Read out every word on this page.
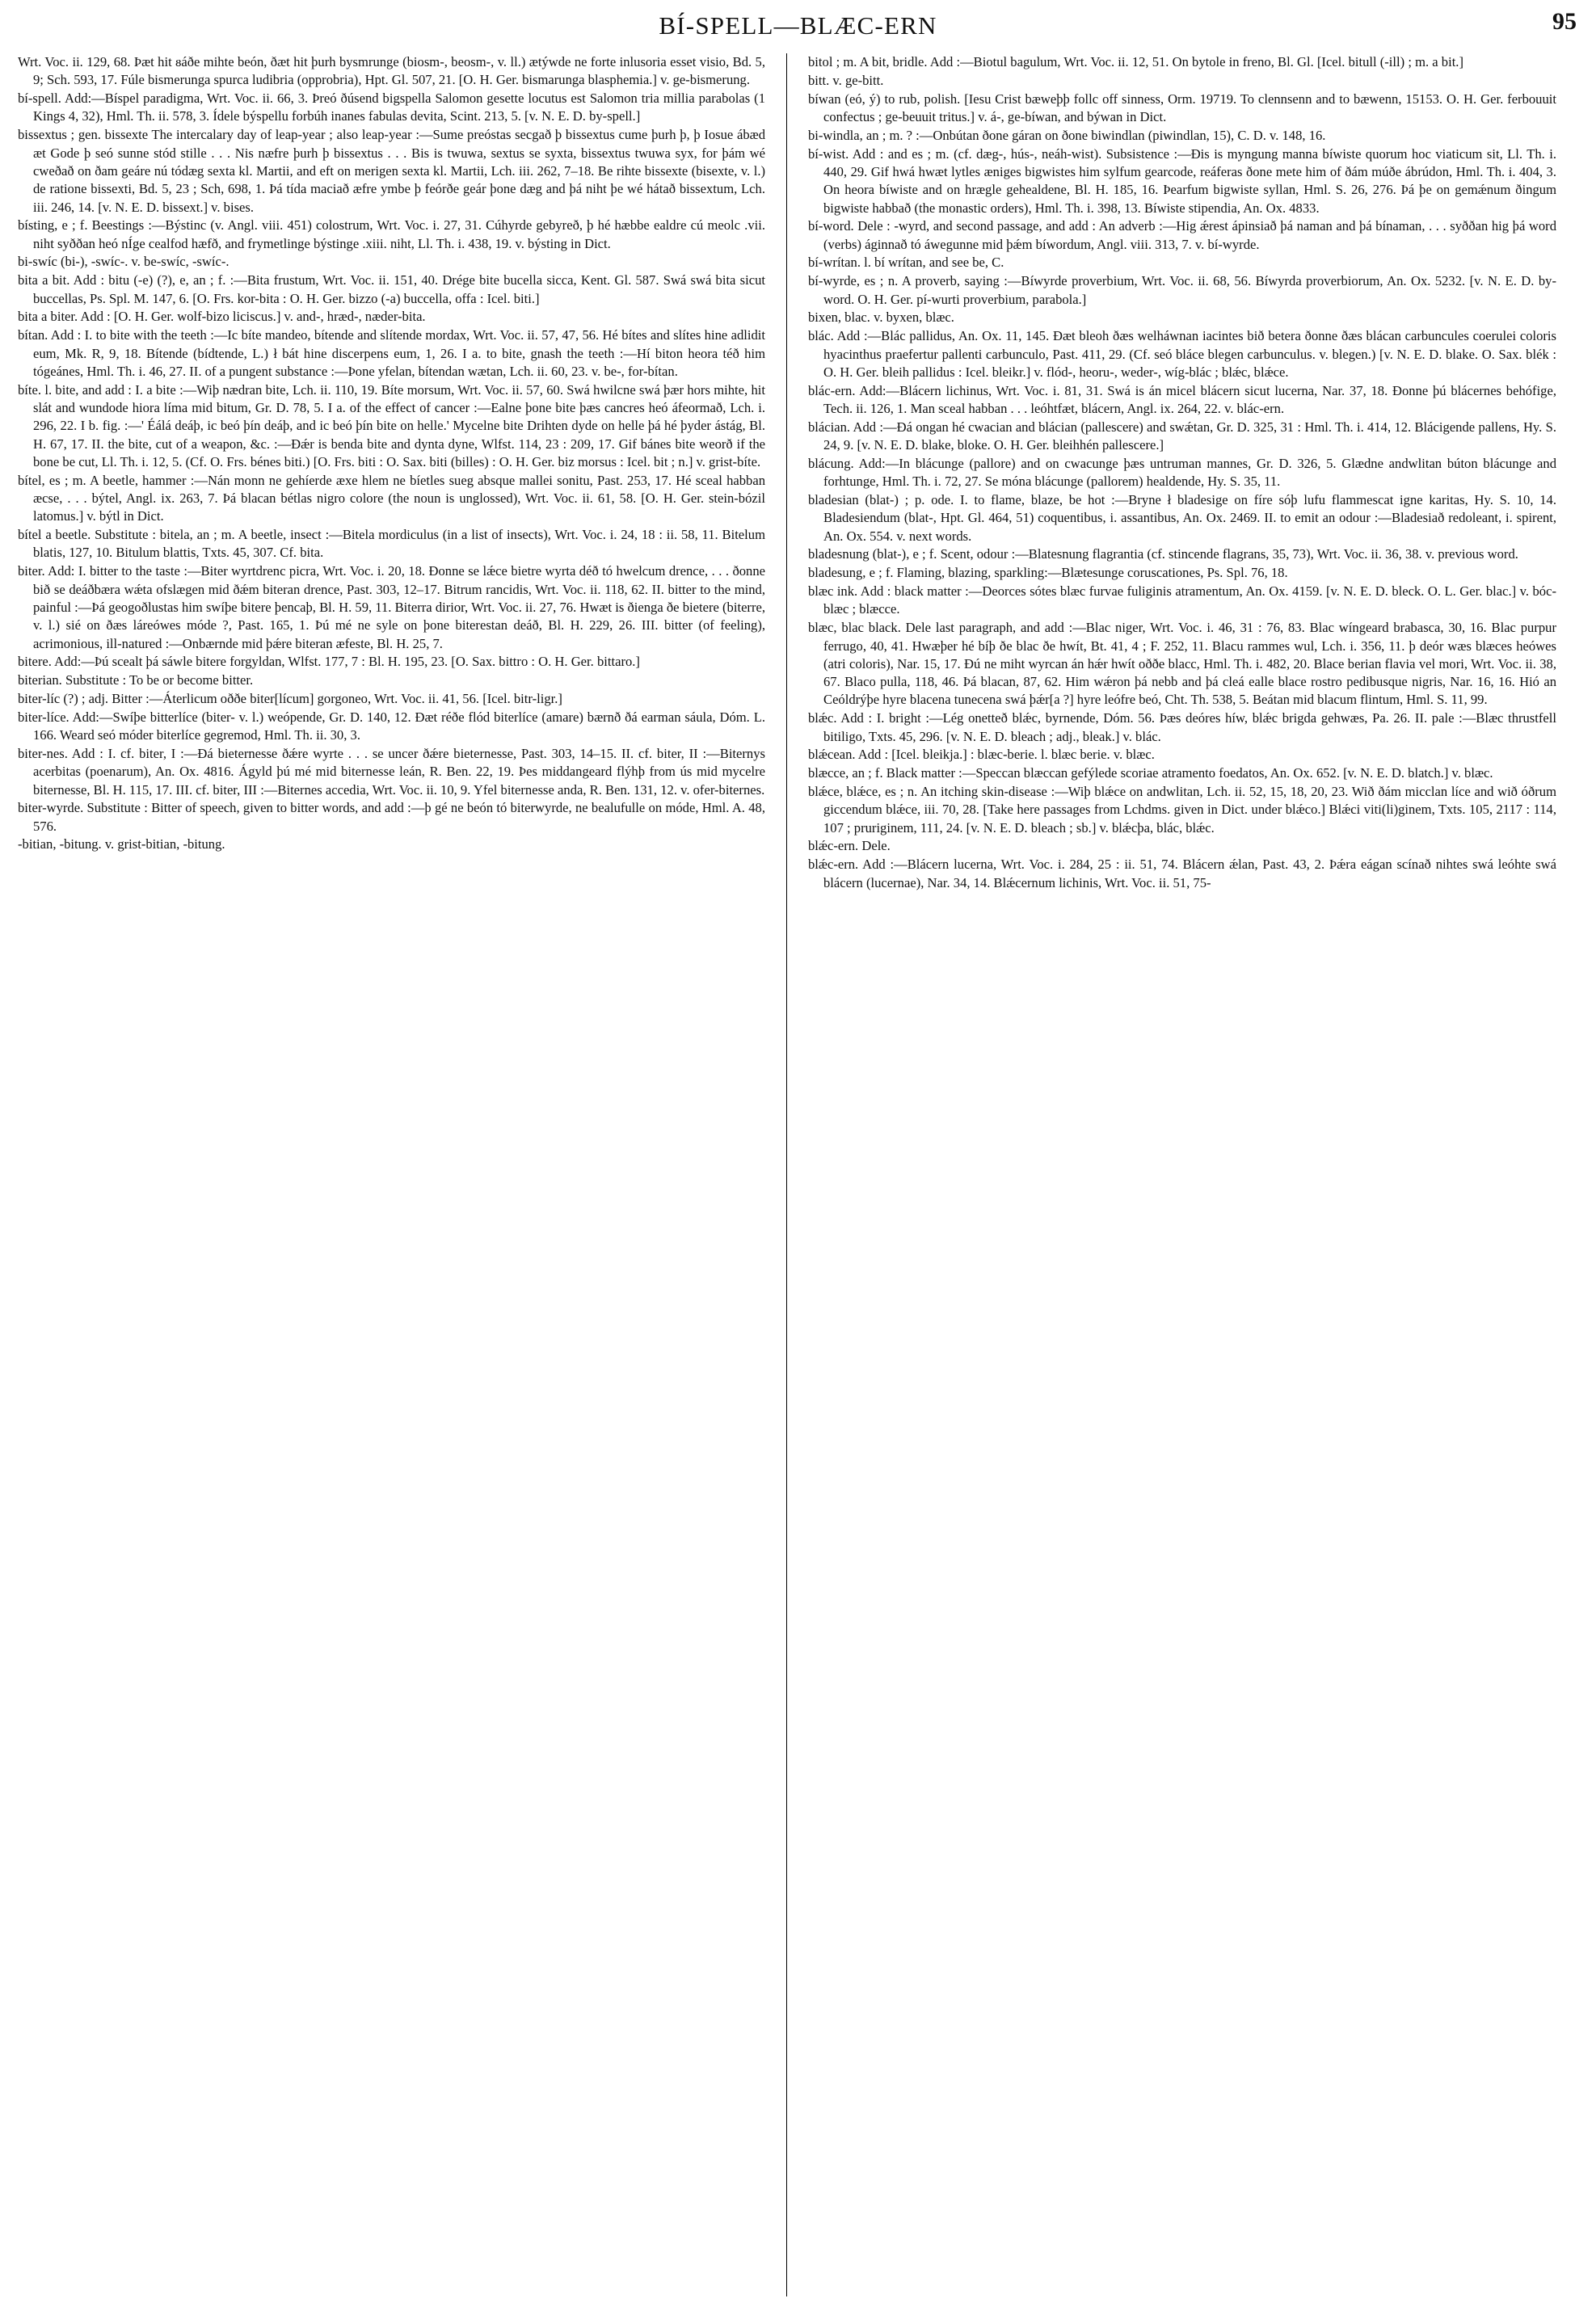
BÍ-SPELL—BLÆC-ERN	95

Wrt. Voc. ii. 129, 68. Þæt hit ᴕáðe mihte beón, ðæt hit þurh bysmrunge (biosm-, beosm-, v. ll.) ætýwde ne forte inlusoria esset visio, Bd. 5, 9; Sch. 593, 17. Fúle bismerunga spurca ludibria (opprobria), Hpt. Gl. 507, 21. [O. H. Ger. bismarunga blasphemia.] v. ge-bismerung.

bí-spell. Add:—Bíspel paradigma, Wrt. Voc. ii. 66, 3. Þreó ðúsend bigspella Salomon gesette locutus est Salomon tria millia parabolas (1 Kings 4, 32), Hml. Th. ii. 578, 3. Ídele býspellu forbúh inanes fabulas devita, Scint. 213, 5. [v. N. E. D. by-spell.]

bissextus ; gen. bissexte The intercalary day of leap-year ; also leap-year :—Sume preóstas secgað þ bissextus cume þurh þ, þ Iosue ábæd æt Gode þ seó sunne stód stille . . . Nis næfre þurh þ bissextus . . . Bis is twuwa, sextus se syxta, bissextus twuwa syx, for þám wé cweðað on ðam geáre nú tódæg sexta kl. Martii, and eft on merigen sexta kl. Martii, Lch. iii. 262, 7–18. Be rihte bissexte (bisexte, v. l.) de ratione bissexti, Bd. 5, 23 ; Sch, 698, 1. Þá tída maciað æfre ymbe þ feórðe geár þone dæg and þá niht þe wé hátað bissextum, Lch. iii. 246, 14. [v. N. E. D. bissext.] v. bises.

bísting, e ; f. Beestings :—Býstinc (v. Angl. viii. 451) colostrum, Wrt. Voc. i. 27, 31. Cúhyrde gebyreð, þ hé hæbbe ealdre cú meolc .vii. niht syððan heó nÍge cealfod hæfð, and frymetlinge býstinge .xiii. niht, Ll. Th. i. 438, 19. v. býsting in Dict.

bi-swíc (bi-), -swíc-. v. be-swíc, -swíc-.

bita a bit. Add : bitu (-e) (?), e, an ; f. :—Bita frustum, Wrt. Voc. ii. 151, 40. Drége bite bucella sicca, Kent. Gl. 587. Swá swá bita sicut buccellas, Ps. Spl. M. 147, 6. [O. Frs. kor-bita : O. H. Ger. bizzo (-a) buccella, offa : Icel. biti.]

bita a biter. Add : [O. H. Ger. wolf-bizo liciscus.] v. and-, hræd-, næder-bita.

bítan. Add : I. to bite with the teeth :—Ic bíte mandeo, bítende and slítende mordax, Wrt. Voc. ii. 57, 47, 56. Hé bítes and slítes hine adlidit eum, Mk. R, 9, 18. Bítende (bídtende, L.) ł bát hine discerpens eum, 1, 26. I a. to bite, gnash the teeth :—Hí biton heora téð him tógeánes, Hml. Th. i. 46, 27. II. of a pungent substance :—Þone yfelan, bítendan wætan, Lch. ii. 60, 23. v. be-, for-bítan.

bíte. l. bite, and add : I. a bite :—Wiþ nædran bite, Lch. ii. 110, 19. Bíte morsum, Wrt. Voc. ii. 57, 60. Swá hwilcne swá þær hors mihte, hit slát and wundode hiora líma mid bitum, Gr. D. 78, 5. I a. of the effect of cancer :—Ealne þone bite þæs cancres heó áfeormað, Lch. i. 296, 22. I b. fig. :—' Éálá deáþ, ic beó þín deáþ, and ic beó þín bite on helle.' Mycelne bite Drihten dyde on helle þá hé þyder ástág, Bl. H. 67, 17. II. the bite, cut of a weapon, &c. :—Ðǽr is benda bite and dynta dyne, Wlfst. 114, 23 : 209, 17. Gif bánes bite weorð if the bone be cut, Ll. Th. i. 12, 5. (Cf. O. Frs. bénes biti.) [O. Frs. biti : O. Sax. biti (billes) : O. H. Ger. biz morsus : Icel. bit ; n.] v. grist-bíte.

bítel, es ; m. A beetle, hammer :—Nán monn ne gehíerde æxe hlem ne bíetles sueg absque mallei sonitu, Past. 253, 17. Hé sceal habban æcse, . . . býtel, Angl. ix. 263, 7. Þá blacan bétlas nigro colore (the noun is unglossed), Wrt. Voc. ii. 61, 58. [O. H. Ger. stein-bózil latomus.] v. býtl in Dict.

bítel a beetle. Substitute : bitela, an ; m. A beetle, insect :—Bitela mordiculus (in a list of insects), Wrt. Voc. i. 24, 18 : ii. 58, 11. Bitelum blatis, 127, 10. Bitulum blattis, Txts. 45, 307. Cf. bita.

biter. Add: I. bitter to the taste :—Biter wyrtdrenc picra, Wrt. Voc. i. 20, 18. Ðonne se lǽce bietre wyrta déð tó hwelcum drence, . . . ðonne bið se deáðbæra wǽta ofslægen mid ðǽm biteran drence, Past. 303, 12–17. Bitrum rancidis, Wrt. Voc. ii. 118, 62. II. bitter to the mind, painful :—Þá geogoðlustas him swíþe bitere þencaþ, Bl. H. 59, 11. Biterra dirior, Wrt. Voc. ii. 27, 76. Hwæt is ðienga ðe bietere (biterre, v. l.) sié on ðæs láreówes móde ?, Past. 165, 1. Þú mé ne syle on þone biterestan deáð, Bl. H. 229, 26. III. bitter (of feeling), acrimonious, ill-natured :—Onbærnde mid þǽre biteran æfeste, Bl. H. 25, 7.

bitere. Add:—Þú scealt þá sáwle bitere forgyldan, Wlfst. 177, 7 : Bl. H. 195, 23. [O. Sax. bittro : O. H. Ger. bittaro.]

biterian. Substitute : To be or become bitter.

biter-líc (?) ; adj. Bitter :—Áterlicum oððe biter[lícum] gorgoneo, Wrt. Voc. ii. 41, 56. [Icel. bitr-ligr.]

biter-líce. Add:—Swíþe bitterlíce (biter- v. l.) weópende, Gr. D. 140, 12. Ðæt réðe flód biterlíce (amare) bærnð ðá earman sáula, Dóm. L. 166. Weard seó móder biterlíce gegremod, Hml. Th. ii. 30, 3.

biter-nes. Add : I. cf. biter, I :—Ðá bieternesse ðǽre wyrte . . . se uncer ðǽre bieternesse, Past. 303, 14–15. II. cf. biter, II :—Biternys acerbitas (poenarum), An. Ox. 4816. Ágyld þú mé mid biternesse leán, R. Ben. 22, 19. Þes middangeard flýhþ from ús mid mycelre biternesse, Bl. H. 115, 17. III. cf. biter, III :—Biternes accedia, Wrt. Voc. ii. 10, 9. Yfel biternesse anda, R. Ben. 131, 12. v. ofer-biternes.

biter-wyrde. Substitute : Bitter of speech, given to bitter words, and add :—þ gé ne beón tó biterwyrde, ne bealufulle on móde, Hml. A. 48, 576.

-bitian, -bitung. v. grist-bitian, -bitung.

bitol ; m. A bit, bridle. Add :—Biotul bagulum, Wrt. Voc. ii. 12, 51. On bytole in freno, Bl. Gl. [Icel. bitull (-ill) ; m. a bit.]

bitt. v. ge-bitt.

bíwan (eó, ý) to rub, polish. [Iesu Crist bæweþþ follc off sinness, Orm. 19719. To clennsenn and to bæwenn, 15153. O. H. Ger. ferbouuit confectus ; ge-beuuit tritus.] v. á-, ge-bíwan, and býwan in Dict.

bi-windla, an ; m. ? :—Onbútan ðone gáran on ðone biwindlan (piwindlan, 15), C. D. v. 148, 16.

bí-wist. Add : and es ; m. (cf. dæg-, hús-, neáh-wist). Subsistence :—Ðis is myngung manna bíwiste quorum hoc viaticum sit, Ll. Th. i. 440, 29. Gif hwá hwæt lytles æniges bigwistes him sylfum gearcode, reáferas ðone mete him of ðám múðe ábrúdon, Hml. Th. i. 404, 3. On heora bíwiste and on hrægle gehealdene, Bl. H. 185, 16. Þearfum bigwiste syllan, Hml. S. 26, 276. Þá þe on gemǽnum ðingum bigwiste habbað (the monastic orders), Hml. Th. i. 398, 13. Bíwiste stipendia, An. Ox. 4833.

bí-word. Dele : -wyrd, and second passage, and add : An adverb :—Hig ǽrest ápinsiað þá naman and þá bínaman, . . . syððan hig þá word (verbs) áginnað tó áwegunne mid þǽm bíwordum, Angl. viii. 313, 7. v. bí-wyrde.

bí-wrítan. l. bí wrítan, and see be, C.

bí-wyrde, es ; n. A proverb, saying :—Bíwyrde proverbium, Wrt. Voc. ii. 68, 56. Bíwyrda proverbiorum, An. Ox. 5232. [v. N. E. D. by-word. O. H. Ger. pí-wurti proverbium, parabola.]

bixen, blac. v. byxen, blæc.

blác. Add :—Blác pallidus, An. Ox. 11, 145. Ðæt bleoh ðæs welháwnan iacintes bið betera ðonne ðæs blácan carbuncules coerulei coloris hyacinthus praefertur pallenti carbunculo, Past. 411, 29. (Cf. seó bláce blegen carbunculus. v. blegen.) [v. N. E. D. blake. O. Sax. blék : O. H. Ger. bleih pallidus : Icel. bleikr.] v. flód-, heoru-, weder-, wíg-blác ; blǽc, blǽce.

blác-ern. Add:—Blácern lichinus, Wrt. Voc. i. 81, 31. Swá is án micel blácern sicut lucerna, Nar. 37, 18. Ðonne þú blácernes behófige, Tech. ii. 126, 1. Man sceal habban . . . leóhtfæt, blácern, Angl. ix. 264, 22. v. blác-ern.

blácian. Add :—Ðá ongan hé cwacian and blácian (pallescere) and swǽtan, Gr. D. 325, 31 : Hml. Th. i. 414, 12. Blácigende pallens, Hy. S. 24, 9. [v. N. E. D. blake, bloke. O. H. Ger. bleihhén pallescere.]

blácung. Add:—In blácunge (pallore) and on cwacunge þæs untruman mannes, Gr. D. 326, 5. Glædne andwlitan búton blácunge and forhtunge, Hml. Th. i. 72, 27. Se móna blácunge (pallorem) healdende, Hy. S. 35, 11.

bladesian (blat-) ; p. ode. I. to flame, blaze, be hot :—Bryne ł bladesige on fíre sóþ lufu flammescat igne karitas, Hy. S. 10, 14. Bladesiendum (blat-, Hpt. Gl. 464, 51) coquentibus, i. assantibus, An. Ox. 2469. II. to emit an odour :—Bladesiað redoleant, i. spirent, An. Ox. 554. v. next words.

bladesnung (blat-), e ; f. Scent, odour :—Blatesnung flagrantia (cf. stincende flagrans, 35, 73), Wrt. Voc. ii. 36, 38. v. previous word.

bladesung, e ; f. Flaming, blazing, sparkling:—Blætesunge coruscationes, Ps. Spl. 76, 18.

blæc ink. Add : black matter :—Deorces sótes blæc furvae fuliginis atramentum, An. Ox. 4159. [v. N. E. D. bleck. O. L. Ger. blac.] v. bóc-blæc ; blæcce.

blæc, blac black. Dele last paragraph, and add :—Blac niger, Wrt. Voc. i. 46, 31 : 76, 83. Blac wíngeard brabasca, 30, 16. Blac purpur ferrugo, 40, 41. Hwæþer hé bíþ ðe blac ðe hwít, Bt. 41, 4 ; F. 252, 11. Blacu rammes wul, Lch. i. 356, 11. þ deór wæs blæces heówes (atri coloris), Nar. 15, 17. Ðú ne miht wyrcan án hǽr hwít oððe blacc, Hml. Th. i. 482, 20. Blace berian flavia vel mori, Wrt. Voc. ii. 38, 67. Blaco pulla, 118, 46. Þá blacan, 87, 62. Him wǽron þá nebb and þá cleá ealle blace rostro pedibusque nigris, Nar. 16, 16. Hió an Ceóldrýþe hyre blacena tunecena swá þǽr[a ?] hyre leófre beó, Cht. Th. 538, 5. Beátan mid blacum flintum, Hml. S. 11, 99.

blǽc. Add : I. bright :—Lég onetteð blǽc, byrnende, Dóm. 56. Þæs deóres híw, blǽc brigda gehwæs, Pa. 26. II. pale :—Blæc thrustfell bitiligo, Txts. 45, 296. [v. N. E. D. bleach ; adj., bleak.] v. blác.

blǽcean. Add : [Icel. bleikja.] : blæc-berie. l. blæc berie. v. blæc.

blæcce, an ; f. Black matter :—Speccan blæccan gefýlede scoriae atramento foedatos, An. Ox. 652. [v. N. E. D. blatch.] v. blæc.

blǽce, blǽce, es ; n. An itching skin-disease :—Wiþ blǽce on andwlitan, Lch. ii. 52, 15, 18, 20, 23. Wið ðám micclan líce and wið óðrum giccendum blǽce, iii. 70, 28. [Take here passages from Lchdms. given in Dict. under blǽco.] Blǽci viti(li)ginem, Txts. 105, 2117 : 114, 107 ; pruriginem, 111, 24. [v. N. E. D. bleach ; sb.] v. blǽcþa, blác, blǽc.

blǽc-ern. Dele.

blǽc-ern. Add :—Blácern lucerna, Wrt. Voc. i. 284, 25 : ii. 51, 74. Blácern ǽlan, Past. 43, 2. Þǽra eágan scínað nihtes swá leóhte swá blácern (lucernae), Nar. 34, 14. Blǽcernum lichinis, Wrt. Voc. ii. 51, 75-
